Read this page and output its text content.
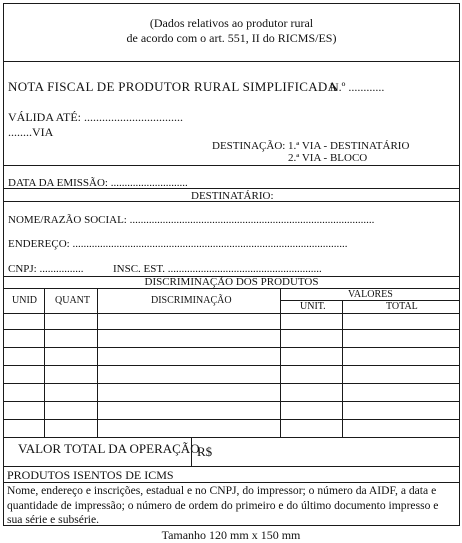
(Dados relativos ao produtor rural
de acordo com o art. 551, II do RICMS/ES)
NOTA FISCAL DE PRODUTOR RURAL SIMPLIFICADA
N.º ............
VÁLIDA ATÉ: .................................
........VIA
DESTINAÇÃO: 1.ª VIA - DESTINATÁRIO
2.ª VIA - BLOCO
DATA DA EMISSÃO: ............................
DESTINATÁRIO:
NOME/RAZÃO SOCIAL: .........................................................................................
ENDEREÇO: ....................................................................................................
CNPJ: ................	INSC. EST. ........................................................
DISCRIMINAÇÃO DOS PRODUTOS
UNID QUANT	DISCRIMINAÇÃO
VALORES
UNIT.	TOTAL
VALOR TOTAL DA OPERAÇÃO
R$
PRODUTOS ISENTOS DE ICMS
Nome, endereço e inscrições, estadual e no CNPJ, do impressor; o número da AIDF, a data e quantidade de impressão; o número de ordem do primeiro e do último documento impresso e sua série e subsérie.
Tamanho 120 mm x 150 mm
